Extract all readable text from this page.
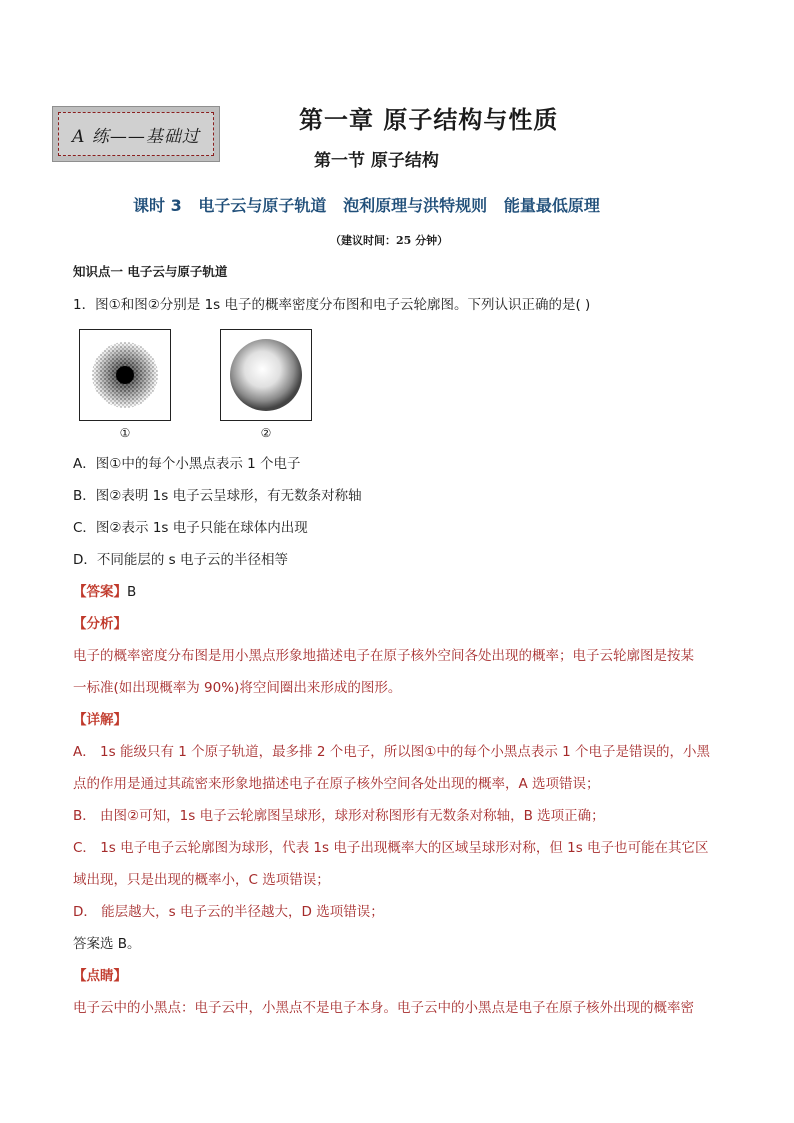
A 练——基础过
第一章 原子结构与性质
第一节 原子结构
课时 3   电子云与原子轨道   泡利原理与洪特规则   能量最低原理
（建议时间：25 分钟）
知识点一 电子云与原子轨道
1．图①和图②分别是 1s 电子的概率密度分布图和电子云轮廓图。下列认识正确的是( )
①	②
A．图①中的每个小黑点表示 1 个电子
B．图②表明 1s 电子云呈球形，有无数条对称轴
C．图②表示 1s 电子只能在球体内出现
D．不同能层的 s 电子云的半径相等
【答案】B
【分析】
电子的概率密度分布图是用小黑点形象地描述电子在原子核外空间各处出现的概率；电子云轮廓图是按某
一标准(如出现概率为 90%)将空间圈出来形成的图形。
【详解】
A． 1s 能级只有 1 个原子轨道，最多排 2 个电子，所以图①中的每个小黑点表示 1 个电子是错误的，小黑
点的作用是通过其疏密来形象地描述电子在原子核外空间各处出现的概率，A 选项错误；
B． 由图②可知，1s 电子云轮廓图呈球形，球形对称图形有无数条对称轴，B 选项正确；
C． 1s 电子电子云轮廓图为球形，代表 1s 电子出现概率大的区域呈球形对称，但 1s 电子也可能在其它区
域出现，只是出现的概率小，C 选项错误；
D． 能层越大，s 电子云的半径越大，D 选项错误；
答案选 B。
【点睛】
电子云中的小黑点：电子云中，小黑点不是电子本身。电子云中的小黑点是电子在原子核外出现的概率密
